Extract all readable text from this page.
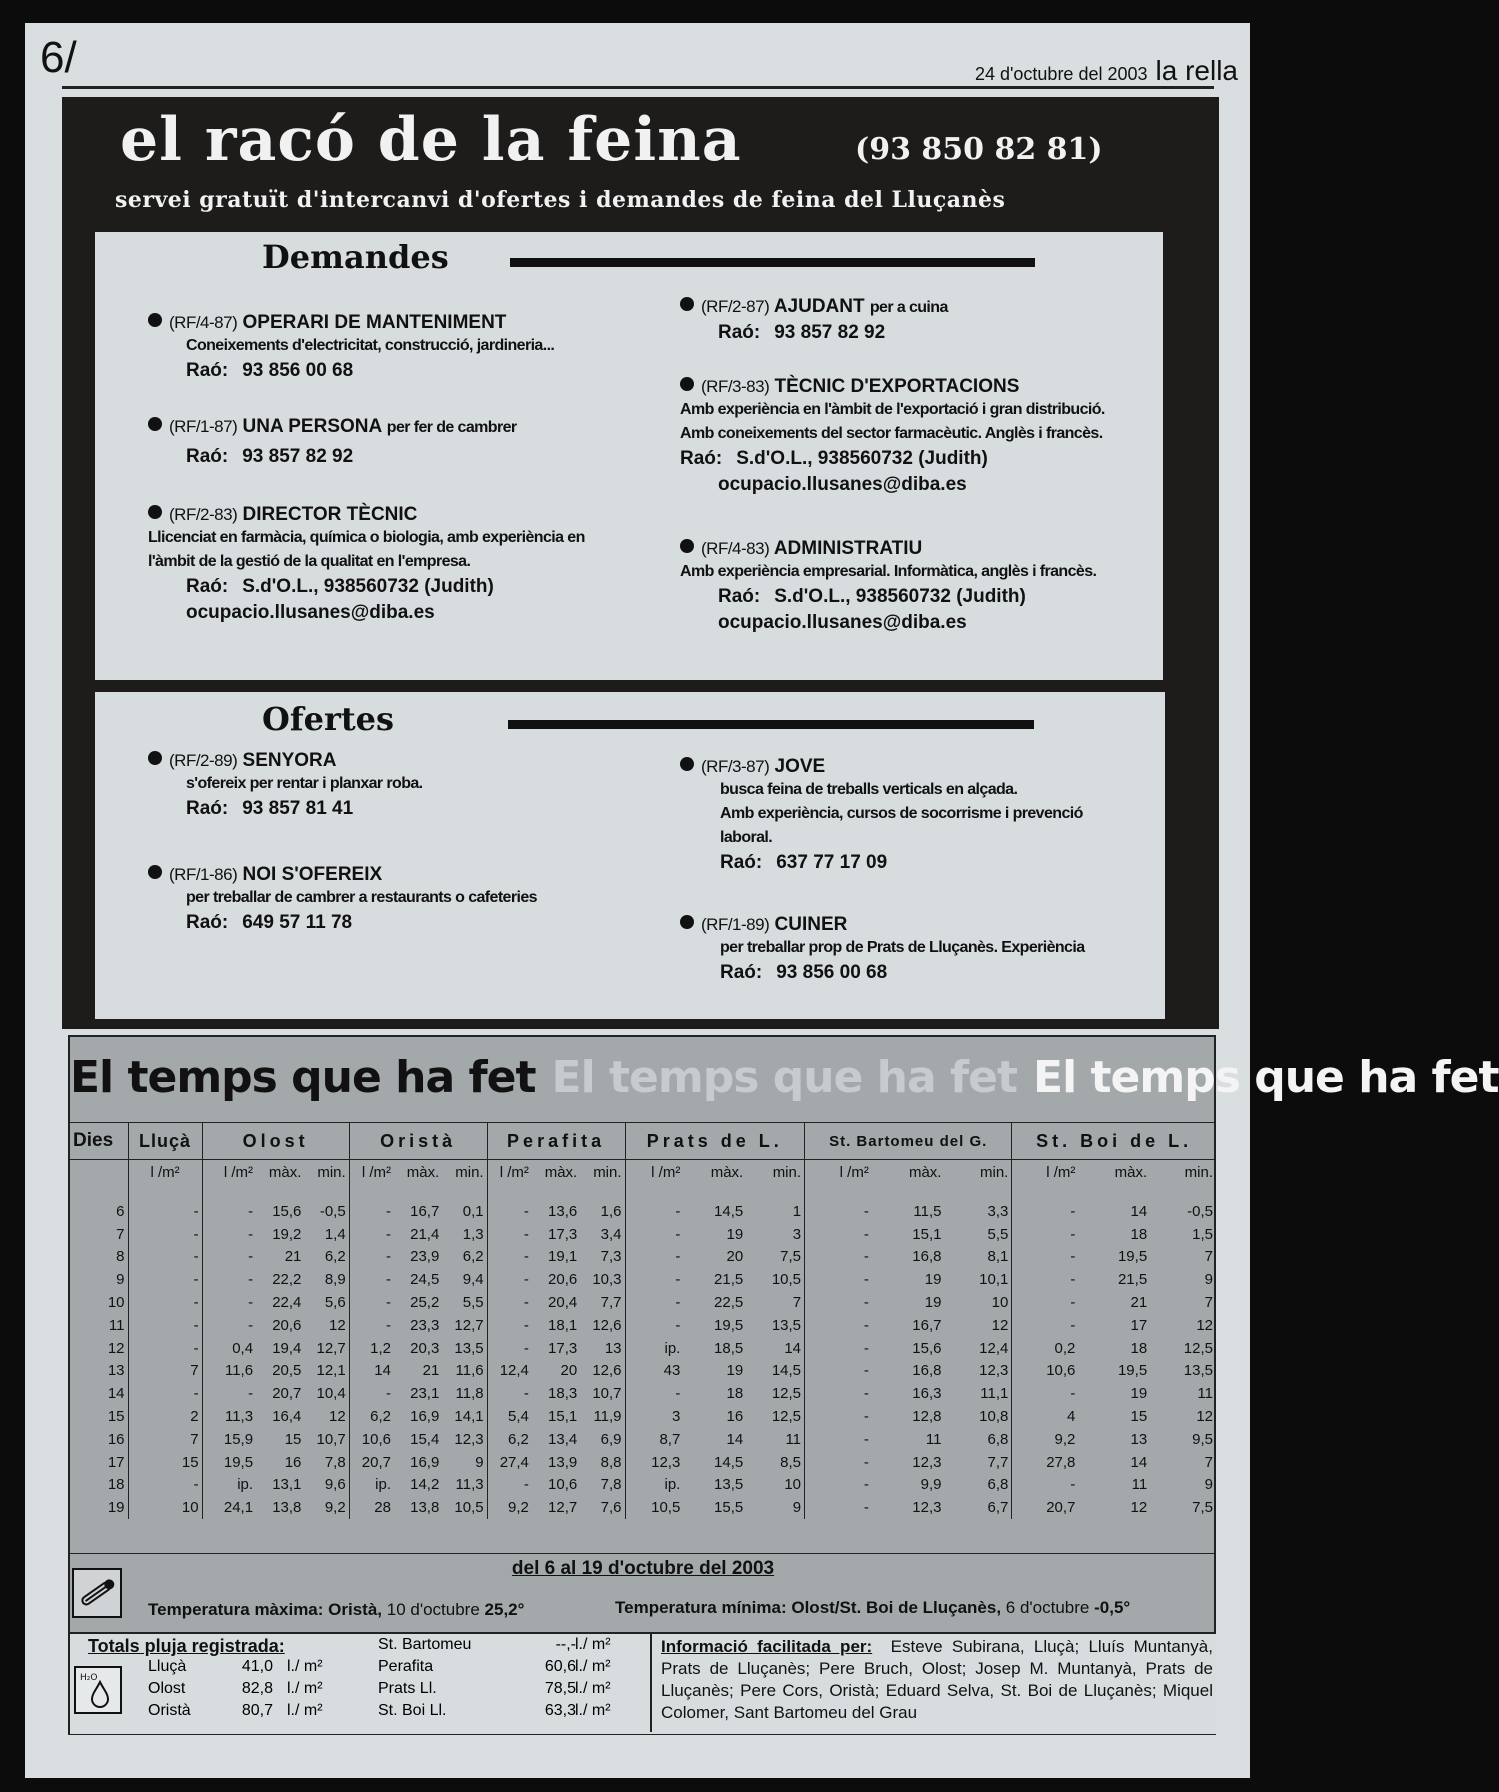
6/	24 d'octubre del 2003 la rella
el racó de la feina	(93 850 82 81)
servei gratuït d'intercanvi d'ofertes i demandes de feina del Lluçanès
Demandes
(RF/4-87) OPERARI DE MANTENIMENT
Coneixements d'electricitat, construcció, jardineria...
Raó: 93 856 00 68
(RF/1-87) UNA PERSONA per fer de cambrer
Raó: 93 857 82 92
(RF/2-83) DIRECTOR TÈCNIC
Llicenciat en farmàcia, química o biologia, amb experiència en
l'àmbit de la gestió de la qualitat en l'empresa.
Raó: S.d'O.L., 938560732 (Judith)
ocupacio.llusanes@diba.es
(RF/2-87) AJUDANT per a cuina
Raó: 93 857 82 92
(RF/3-83) TÈCNIC D'EXPORTACIONS
Amb experiència en l'àmbit de l'exportació i gran distribució.
Amb coneixements del sector farmacèutic. Anglès i francès.
Raó: S.d'O.L., 938560732 (Judith)
ocupacio.llusanes@diba.es
(RF/4-83) ADMINISTRATIU
Amb experiència empresarial. Informàtica, anglès i francès.
Raó: S.d'O.L., 938560732 (Judith)
ocupacio.llusanes@diba.es
Ofertes
(RF/2-89) SENYORA
s'ofereix per rentar i planxar roba.
Raó: 93 857 81 41
(RF/1-86) NOI S'OFEREIX
per treballar de cambrer a restaurants o cafeteries
Raó: 649 57 11 78
(RF/3-87) JOVE
busca feina de treballs verticals en alçada.
Amb experiència, cursos de socorrisme i prevenció
laboral.
Raó: 637 77 17 09
(RF/1-89) CUINER
per treballar prop de Prats de Lluçanès. Experiència
Raó: 93 856 00 68
El temps que ha fet El temps que ha fet El temps que ha fet
Dies	Lluçà	Olost			Oristà			Perafita			Prats de L.			St. Bartomeu del G.			St. Boi de L.		
	l /m²	l /m²	màx.	min.	l /m²	màx.	min.	l /m²	màx.	min.	l /m²	màx.	min.	l /m²	màx.	min.	l /m²	màx.	min.

6	-	-	15,6	-0,5	-	16,7	0,1	-	13,6	1,6	-	14,5	1	-	11,5	3,3	-	14	-0,5
7	-	-	19,2	1,4	-	21,4	1,3	-	17,3	3,4	-	19	3	-	15,1	5,5	-	18	1,5
8	-	-	21	6,2	-	23,9	6,2	-	19,1	7,3	-	20	7,5	-	16,8	8,1	-	19,5	7
9	-	-	22,2	8,9	-	24,5	9,4	-	20,6	10,3	-	21,5	10,5	-	19	10,1	-	21,5	9
10	-	-	22,4	5,6	-	25,2	5,5	-	20,4	7,7	-	22,5	7	-	19	10	-	21	7
11	-	-	20,6	12	-	23,3	12,7	-	18,1	12,6	-	19,5	13,5	-	16,7	12	-	17	12
12	-	0,4	19,4	12,7	1,2	20,3	13,5	-	17,3	13	ip.	18,5	14	-	15,6	12,4	0,2	18	12,5
13	7	11,6	20,5	12,1	14	21	11,6	12,4	20	12,6	43	19	14,5	-	16,8	12,3	10,6	19,5	13,5
14	-	-	20,7	10,4	-	23,1	11,8	-	18,3	10,7	-	18	12,5	-	16,3	11,1	-	19	11
15	2	11,3	16,4	12	6,2	16,9	14,1	5,4	15,1	11,9	3	16	12,5	-	12,8	10,8	4	15	12
16	7	15,9	15	10,7	10,6	15,4	12,3	6,2	13,4	6,9	8,7	14	11	-	11	6,8	9,2	13	9,5
17	15	19,5	16	7,8	20,7	16,9	9	27,4	13,9	8,8	12,3	14,5	8,5	-	12,3	7,7	27,8	14	7
18	-	ip.	13,1	9,6	ip.	14,2	11,3	-	10,6	7,8	ip.	13,5	10	-	9,9	6,8	-	11	9
19	10	24,1	13,8	9,2	28	13,8	10,5	9,2	12,7	7,6	10,5	15,5	9	-	12,3	6,7	20,7	12	7,5
del 6 al 19 d'octubre del 2003
Temperatura màxima: Oristà, 10 d'octubre 25,2°	Temperatura mínima: Olost/St. Boi de Lluçanès, 6 d'octubre -0,5°
Totals pluja registrada:
H₂O
Lluçà	41,0 l./ m²
Olost	82,8 l./ m²
Oristà	80,7 l./ m²
St. Bartomeu	--,- l./ m²
Perafita	60,6 l./ m²
Prats Ll.	78,5 l./ m²
St. Boi Ll.	63,3 l./ m²
Informació facilitada per: Esteve Subirana, Lluçà; Lluís Muntanyà, Prats de Lluçanès; Pere Bruch, Olost; Josep M. Muntanyà, Prats de Lluçanès; Pere Cors, Oristà; Eduard Selva, St. Boi de Lluçanès; Miquel Colomer, Sant Bartomeu del Grau
